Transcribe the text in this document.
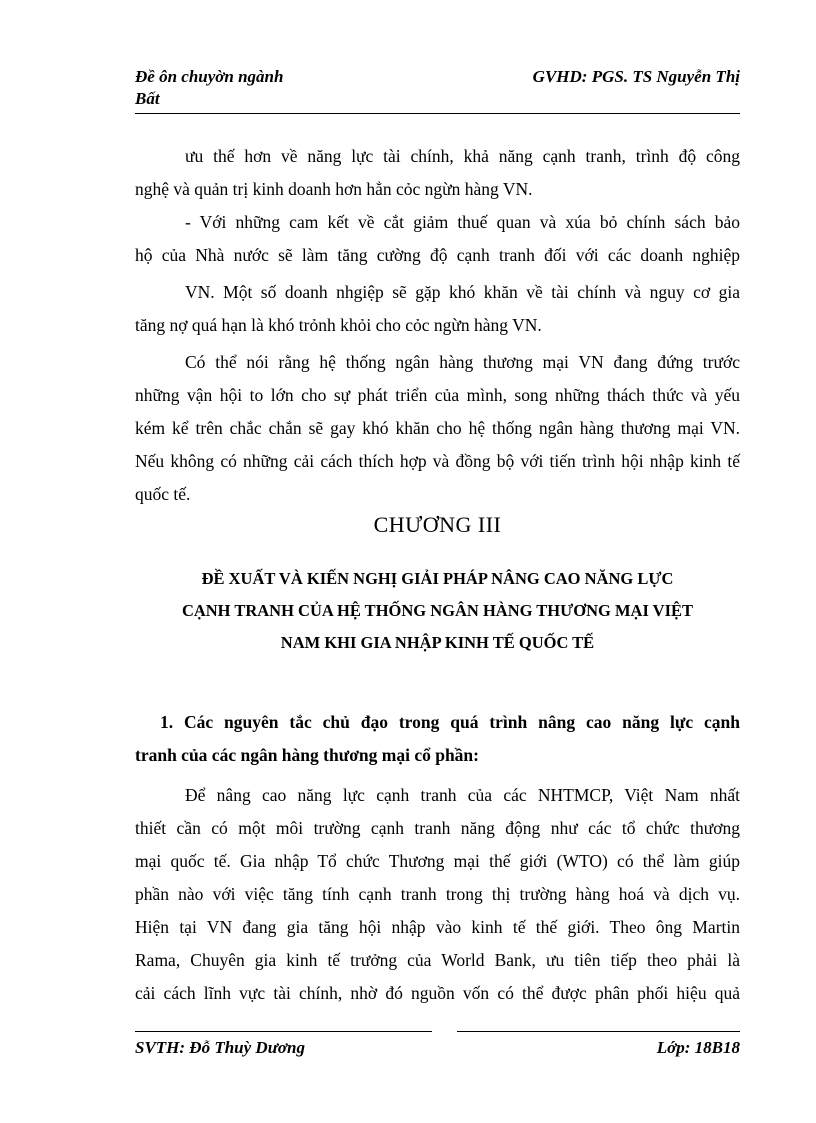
Đề ôn chuyờn ngành
Bất
GVHD: PGS. TS Nguyễn Thị
ưu thế hơn về năng lực tài chính, khả năng cạnh tranh, trình độ công
nghệ và quản trị kinh doanh hơn hẳn cỏc ngừn hàng VN.
- Với những cam kết về cắt giảm thuế quan và xúa bỏ chính sách bảo
hộ của Nhà nước sẽ làm tăng cường độ cạnh tranh đối với các doanh nghiệp
VN. Một số doanh nhgiệp sẽ gặp khó khăn về tài chính và nguy cơ gia
tăng nợ quá hạn là khó trỏnh khỏi cho cỏc ngừn hàng VN.
Có thể nói rằng hệ thống ngân hàng thương mại VN đang đứng trước
những vận hội to lớn cho sự phát triển của mình, song những thách thức và yếu
kém kể trên chắc chắn sẽ gay khó khăn cho hệ thống ngân hàng thương mại VN.
Nếu không có những cải cách thích hợp và đồng bộ với tiến trình hội nhập kinh tế
quốc tế.
CHƯƠNG III
ĐỀ XUẤT VÀ KIẾN NGHỊ GIẢI PHÁP NÂNG CAO NĂNG LỰC
CẠNH TRANH CỦA HỆ THỐNG NGÂN HÀNG THƯƠNG MẠI VIỆT
NAM KHI GIA NHẬP KINH TẾ QUỐC TẾ
1. Các nguyên tắc chủ đạo trong quá trình nâng cao năng lực cạnh
tranh của các ngân hàng thương mại cổ phần:
Để nâng cao năng lực cạnh tranh của các NHTMCP, Việt Nam nhất
thiết cần có một môi trường cạnh tranh năng động như các tổ chức thương
mại quốc tế. Gia nhập Tổ chức Thương mại thế giới (WTO) có thể làm giúp
phần nào với việc tăng tính cạnh tranh trong thị trường hàng hoá và dịch vụ.
Hiện tại VN đang gia tăng hội nhập vào kinh tế thế giới. Theo ông Martin
Rama, Chuyên gia kinh tế trưởng của World Bank, ưu tiên tiếp theo phải là
cải cách lĩnh vực tài chính, nhờ đó nguồn vốn có thể được phân phối hiệu quả
SVTH: Đỗ Thuỳ Dương	Lớp: 18B18
